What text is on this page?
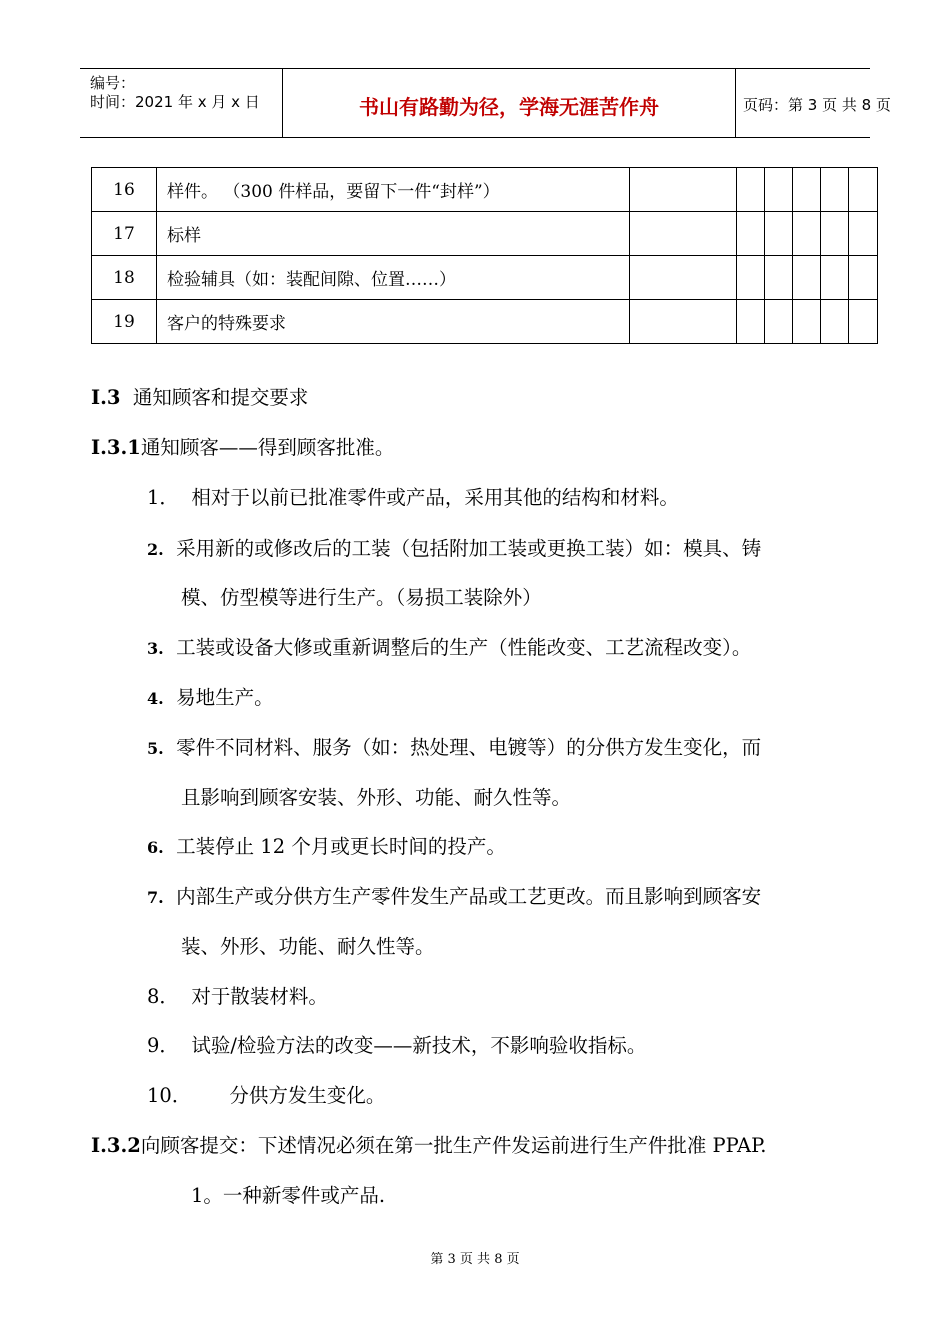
编号：
时间：2021 年 x 月 x 日	书山有路勤为径，学海无涯苦作舟	页码：第 3 页 共 8 页
16	样件。 （300 件样品，要留下一件“封样”）						
17	标样						
18	检验辅具（如：装配间隙、位置……）						
19	客户的特殊要求						
I.3 通知顾客和提交要求
I.3.1通知顾客——得到顾客批准。
1． 相对于以前已批准零件或产品，采用其他的结构和材料。
2. 采用新的或修改后的工装（包括附加工装或更换工装）如：模具、铸
模、仿型模等进行生产。（易损工装除外）
3. 工装或设备大修或重新调整后的生产（性能改变、工艺流程改变）。
4. 易地生产。
5. 零件不同材料、服务（如：热处理、电镀等）的分供方发生变化，而
且影响到顾客安装、外形、功能、耐久性等。
6. 工装停止 12 个月或更长时间的投产。
7. 内部生产或分供方生产零件发生产品或工艺更改。而且影响到顾客安
装、外形、功能、耐久性等。
8． 对于散装材料。
9． 试验/检验方法的改变——新技术，不影响验收指标。
10． 分供方发生变化。
I.3.2向顾客提交：下述情况必须在第一批生产件发运前进行生产件批准 PPAP.
1。一种新零件或产品.
第 3 页 共 8 页
